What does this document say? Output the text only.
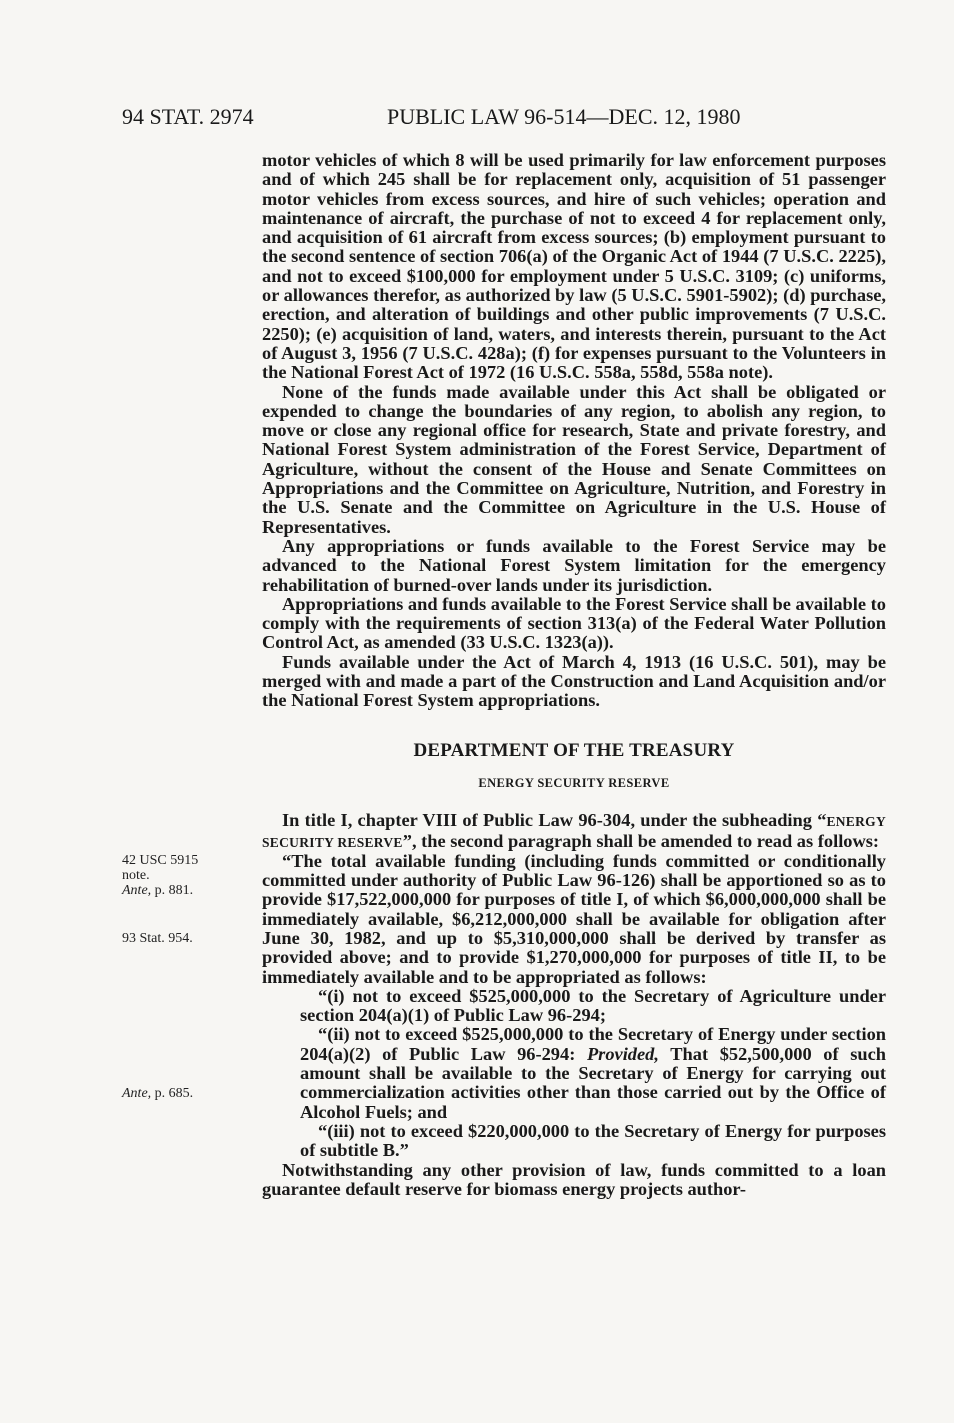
94 STAT. 2974	PUBLIC LAW 96-514—DEC. 12, 1980
42 USC 5915
note.
Ante, p. 881.
93 Stat. 954.
Ante, p. 685.

motor vehicles of which 8 will be used primarily for law enforcement purposes and of which 245 shall be for replacement only, acquisition of 51 passenger motor vehicles from excess sources, and hire of such vehicles; operation and maintenance of aircraft, the purchase of not to exceed 4 for replacement only, and acquisition of 61 aircraft from excess sources; (b) employment pursuant to the second sentence of section 706(a) of the Organic Act of 1944 (7 U.S.C. 2225), and not to exceed $100,000 for employment under 5 U.S.C. 3109; (c) uniforms, or allowances therefor, as authorized by law (5 U.S.C. 5901-5902); (d) purchase, erection, and alteration of buildings and other public improvements (7 U.S.C. 2250); (e) acquisition of land, waters, and interests therein, pursuant to the Act of August 3, 1956 (7 U.S.C. 428a); (f) for expenses pursuant to the Volunteers in the National Forest Act of 1972 (16 U.S.C. 558a, 558d, 558a note).

None of the funds made available under this Act shall be obligated or expended to change the boundaries of any region, to abolish any region, to move or close any regional office for research, State and private forestry, and National Forest System administration of the Forest Service, Department of Agriculture, without the consent of the House and Senate Committees on Appropriations and the Committee on Agriculture, Nutrition, and Forestry in the U.S. Senate and the Committee on Agriculture in the U.S. House of Representatives.

Any appropriations or funds available to the Forest Service may be advanced to the National Forest System limitation for the emergency rehabilitation of burned-over lands under its jurisdiction.

Appropriations and funds available to the Forest Service shall be available to comply with the requirements of section 313(a) of the Federal Water Pollution Control Act, as amended (33 U.S.C. 1323(a)).

Funds available under the Act of March 4, 1913 (16 U.S.C. 501), may be merged with and made a part of the Construction and Land Acquisition and/or the National Forest System appropriations.

DEPARTMENT OF THE TREASURY

ENERGY SECURITY RESERVE

In title I, chapter VIII of Public Law 96-304, under the subheading “ENERGY SECURITY RESERVE”, the second paragraph shall be amended to read as follows:

“The total available funding (including funds committed or conditionally committed under authority of Public Law 96-126) shall be apportioned so as to provide $17,522,000,000 for purposes of title I, of which $6,000,000,000 shall be immediately available, $6,212,000,000 shall be available for obligation after June 30, 1982, and up to $5,310,000,000 shall be derived by transfer as provided above; and to provide $1,270,000,000 for purposes of title II, to be immediately available and to be appropriated as follows:

“(i) not to exceed $525,000,000 to the Secretary of Agriculture under section 204(a)(1) of Public Law 96-294;

“(ii) not to exceed $525,000,000 to the Secretary of Energy under section 204(a)(2) of Public Law 96-294: Provided, That $52,500,000 of such amount shall be available to the Secretary of Energy for carrying out commercialization activities other than those carried out by the Office of Alcohol Fuels; and

“(iii) not to exceed $220,000,000 to the Secretary of Energy for purposes of subtitle B.”

Notwithstanding any other provision of law, funds committed to a loan guarantee default reserve for biomass energy projects author-
